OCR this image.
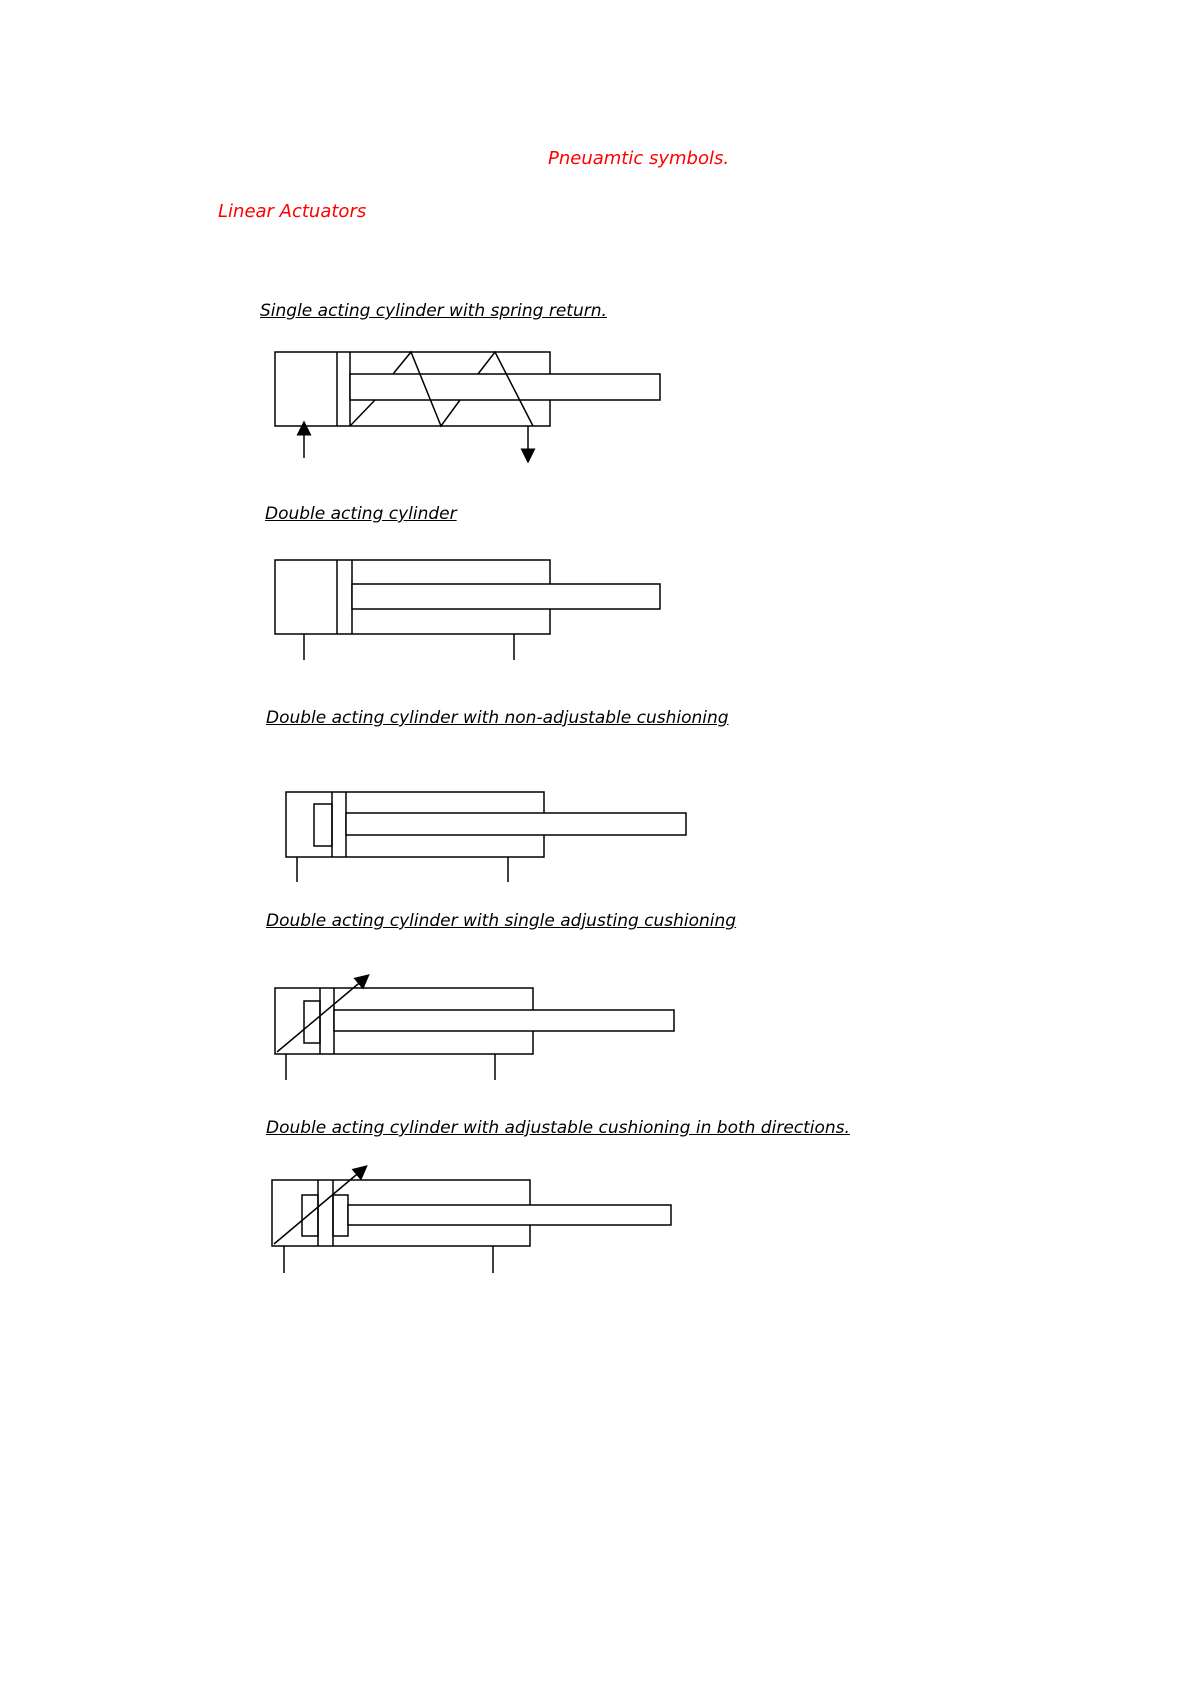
Pneuamtic symbols.
Linear Actuators
Single acting cylinder with spring return.
Double acting cylinder
Double acting cylinder with non-adjustable cushioning
Double acting cylinder with single adjusting cushioning
Double acting cylinder with adjustable cushioning in both directions.
